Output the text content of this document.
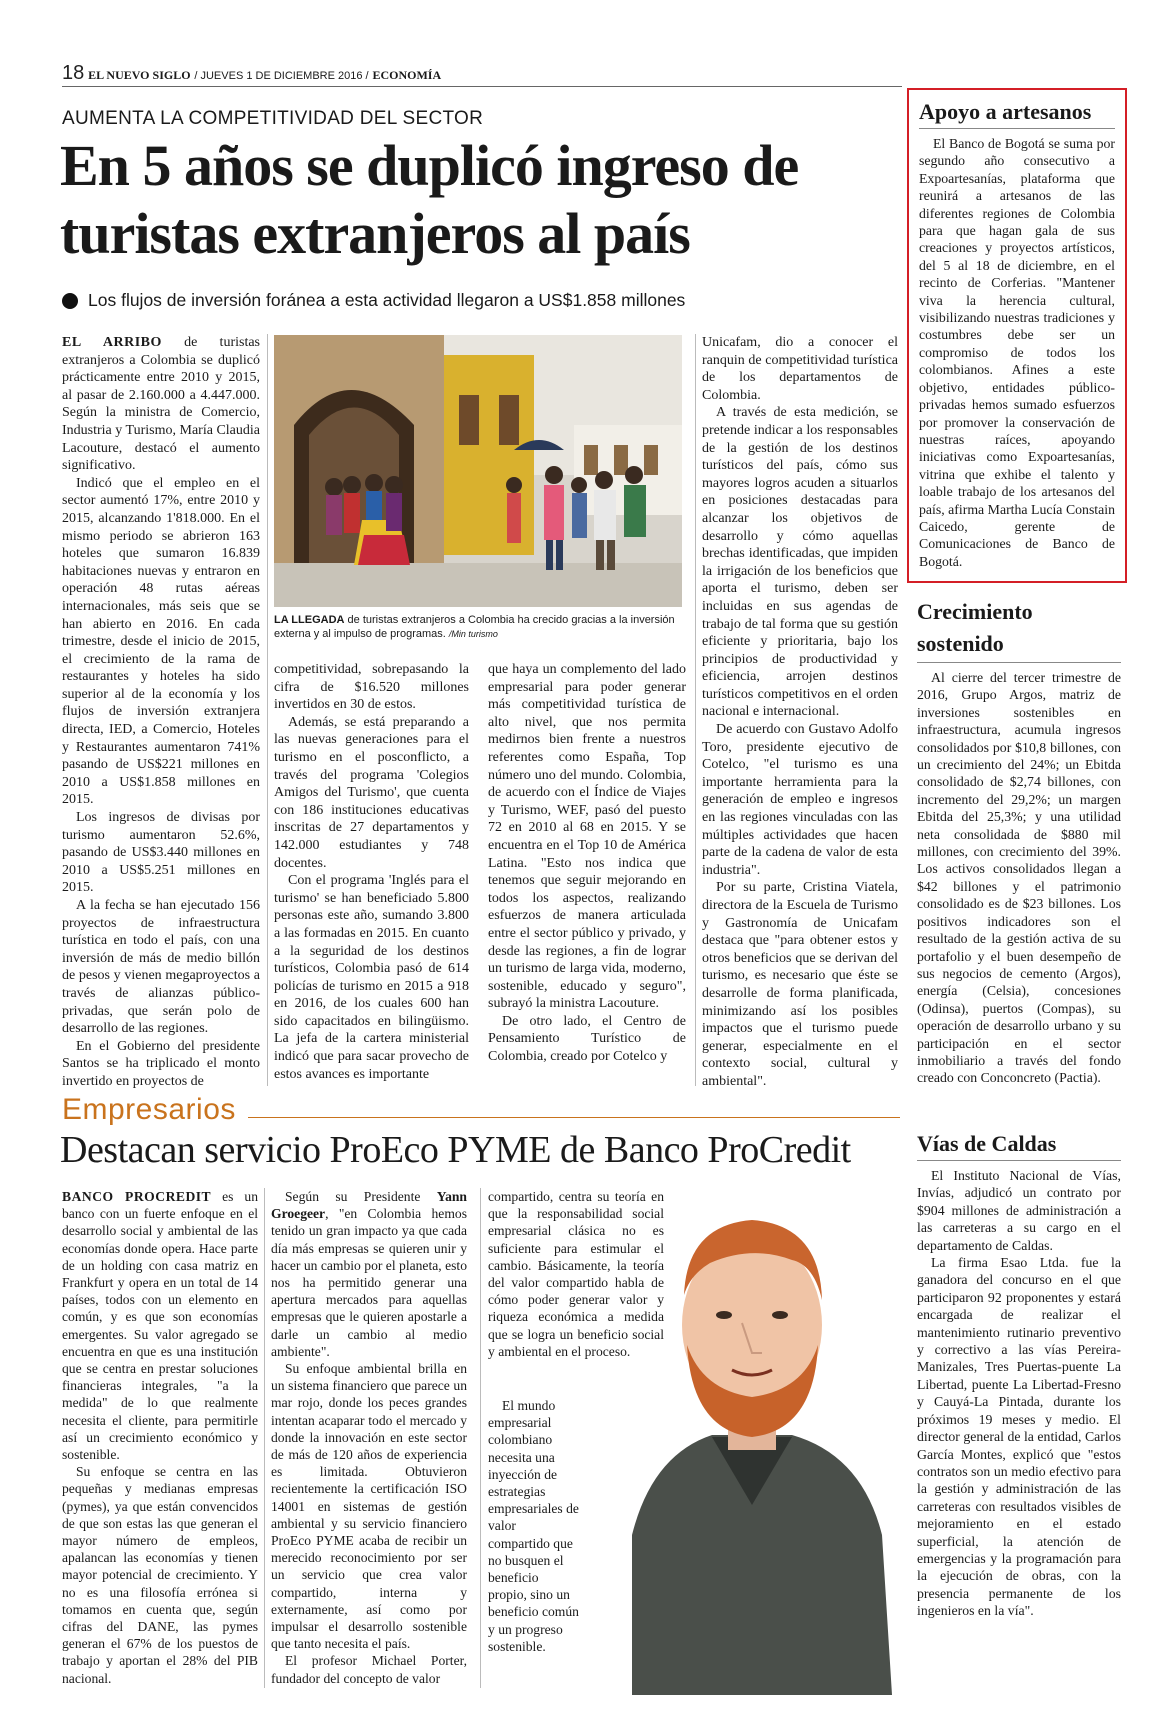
18 EL NUEVO SIGLO / JUEVES 1 DE DICIEMBRE 2016 / ECONOMÍA
AUMENTA LA COMPETITIVIDAD DEL SECTOR
En 5 años se duplicó ingreso de turistas extranjeros al país
Los flujos de inversión foránea a esta actividad llegaron a US$1.858 millones

EL ARRIBO de turistas extranjeros a Colombia se duplicó prácticamente entre 2010 y 2015, al pasar de 2.160.000 a 4.447.000. Según la ministra de Comercio, Industria y Turismo, María Claudia Lacouture, destacó el aumento significativo.

Indicó que el empleo en el sector aumentó 17%, entre 2010 y 2015, alcanzando 1'818.000. En el mismo periodo se abrieron 163 hoteles que sumaron 16.839 habitaciones nuevas y entraron en operación 48 rutas aéreas internacionales, más seis que se han abierto en 2016. En cada trimestre, desde el inicio de 2015, el crecimiento de la rama de restaurantes y hoteles ha sido superior al de la economía y los flujos de inversión extranjera directa, IED, a Comercio, Hoteles y Restaurantes aumentaron 741% pasando de US$221 millones en 2010 a US$1.858 millones en 2015.

Los ingresos de divisas por turismo aumentaron 52.6%, pasando de US$3.440 millones en 2010 a US$5.251 millones en 2015.

A la fecha se han ejecutado 156 proyectos de infraestructura turística en todo el país, con una inversión de más de medio billón de pesos y vienen megaproyectos a través de alianzas público-privadas, que serán polo de desarrollo de las regiones.

En el Gobierno del presidente Santos se ha triplicado el monto invertido en proyectos de

LA LLEGADA de turistas extranjeros a Colombia ha crecido gracias a la inversión externa y al impulso de programas. /Min turismo

competitividad, sobrepasando la cifra de $16.520 millones invertidos en 30 de estos.

Además, se está preparando a las nuevas generaciones para el turismo en el posconflicto, a través del programa 'Colegios Amigos del Turismo', que cuenta con 186 instituciones educativas inscritas de 27 departamentos y 142.000 estudiantes y 748 docentes.

Con el programa 'Inglés para el turismo' se han beneficiado 5.800 personas este año, sumando 3.800 a las formadas en 2015. En cuanto a la seguridad de los destinos turísticos, Colombia pasó de 614 policías de turismo en 2015 a 918 en 2016, de los cuales 600 han sido capacitados en bilingüismo. La jefa de la cartera ministerial indicó que para sacar provecho de estos avances es importante

que haya un complemento del lado empresarial para poder generar más competitividad turística de alto nivel, que nos permita medirnos bien frente a nuestros referentes como España, Top número uno del mundo. Colombia, de acuerdo con el Índice de Viajes y Turismo, WEF, pasó del puesto 72 en 2010 al 68 en 2015. Y se encuentra en el Top 10 de América Latina. "Esto nos indica que tenemos que seguir mejorando en todos los aspectos, realizando esfuerzos de manera articulada entre el sector público y privado, y desde las regiones, a fin de lograr un turismo de larga vida, moderno, sostenible, educado y seguro", subrayó la ministra Lacouture.

De otro lado, el Centro de Pensamiento Turístico de Colombia, creado por Cotelco y

Unicafam, dio a conocer el ranquin de competitividad turística de los departamentos de Colombia.

A través de esta medición, se pretende indicar a los responsables de la gestión de los destinos turísticos del país, cómo sus mayores logros acuden a situarlos en posiciones destacadas para alcanzar los objetivos de desarrollo y cómo aquellas brechas identificadas, que impiden la irrigación de los beneficios que aporta el turismo, deben ser incluidas en sus agendas de trabajo de tal forma que su gestión eficiente y prioritaria, bajo los principios de productividad y eficiencia, arrojen destinos turísticos competitivos en el orden nacional e internacional.

De acuerdo con Gustavo Adolfo Toro, presidente ejecutivo de Cotelco, "el turismo es una importante herramienta para la generación de empleo e ingresos en las regiones vinculadas con las múltiples actividades que hacen parte de la cadena de valor de esta industria".

Por su parte, Cristina Viatela, directora de la Escuela de Turismo y Gastronomía de Unicafam destaca que "para obtener estos y otros beneficios que se derivan del turismo, es necesario que éste se desarrolle de forma planificada, minimizando así los posibles impactos que el turismo puede generar, especialmente en el contexto social, cultural y ambiental".

Apoyo a artesanos

El Banco de Bogotá se suma por segundo año consecutivo a Expoartesanías, plataforma que reunirá a artesanos de las diferentes regiones de Colombia para que hagan gala de sus creaciones y proyectos artísticos, del 5 al 18 de diciembre, en el recinto de Corferias. "Mantener viva la herencia cultural, visibilizando nuestras tradiciones y costumbres debe ser un compromiso de todos los colombianos. Afines a este objetivo, entidades público-privadas hemos sumado esfuerzos por promover la conservación de nuestras raíces, apoyando iniciativas como Expoartesanías, vitrina que exhibe el talento y loable trabajo de los artesanos del país, afirma Martha Lucía Constain Caicedo, gerente de Comunicaciones de Banco de Bogotá.

Crecimiento sostenido

Al cierre del tercer trimestre de 2016, Grupo Argos, matriz de inversiones sostenibles en infraestructura, acumula ingresos consolidados por $10,8 billones, con un crecimiento del 24%; un Ebitda consolidado de $2,74 billones, con incremento del 29,2%; un margen Ebitda del 25,3%; y una utilidad neta consolidada de $880 mil millones, con crecimiento del 39%. Los activos consolidados llegan a $42 billones y el patrimonio consolidado es de $23 billones. Los positivos indicadores son el resultado de la gestión activa de su portafolio y el buen desempeño de sus negocios de cemento (Argos), energía (Celsia), concesiones (Odinsa), puertos (Compas), su operación de desarrollo urbano y su participación en el sector inmobiliario a través del fondo creado con Conconcreto (Pactia).

Vías de Caldas

El Instituto Nacional de Vías, Invías, adjudicó un contrato por $904 millones de administración a las carreteras a su cargo en el departamento de Caldas.

La firma Esao Ltda. fue la ganadora del concurso en el que participaron 92 proponentes y estará encargada de realizar el mantenimiento rutinario preventivo y correctivo a las vías Pereira-Manizales, Tres Puertas-puente La Libertad, puente La Libertad-Fresno y Cauyá-La Pintada, durante los próximos 19 meses y medio. El director general de la entidad, Carlos García Montes, explicó que "estos contratos son un medio efectivo para la gestión y administración de las carreteras con resultados visibles de mejoramiento en el estado superficial, la atención de emergencias y la programación para la ejecución de obras, con la presencia permanente de los ingenieros en la vía".

Empresarios
Destacan servicio ProEco PYME de Banco ProCredit

BANCO PROCREDIT es un banco con un fuerte enfoque en el desarrollo social y ambiental de las economías donde opera. Hace parte de un holding con casa matriz en Frankfurt y opera en un total de 14 países, todos con un elemento en común, y es que son economías emergentes. Su valor agregado se encuentra en que es una institución que se centra en prestar soluciones financieras integrales, "a la medida" de lo que realmente necesita el cliente, para permitirle así un crecimiento económico y sostenible.

Su enfoque se centra en las pequeñas y medianas empresas (pymes), ya que están convencidos de que son estas las que generan el mayor número de empleos, apalancan las economías y tienen mayor potencial de crecimiento. Y no es una filosofía errónea si tomamos en cuenta que, según cifras del DANE, las pymes generan el 67% de los puestos de trabajo y aportan el 28% del PIB nacional.

Según su Presidente Yann Groegeer, "en Colombia hemos tenido un gran impacto ya que cada día más empresas se quieren unir y hacer un cambio por el planeta, esto nos ha permitido generar una apertura mercados para aquellas empresas que le quieren apostarle a darle un cambio al medio ambiente".

Su enfoque ambiental brilla en un sistema financiero que parece un mar rojo, donde los peces grandes intentan acaparar todo el mercado y donde la innovación en este sector de más de 120 años de experiencia es limitada. Obtuvieron recientemente la certificación ISO 14001 en sistemas de gestión ambiental y su servicio financiero ProEco PYME acaba de recibir un merecido reconocimiento por ser un servicio que crea valor compartido, interna y externamente, así como por impulsar el desarrollo sostenible que tanto necesita el país.

El profesor Michael Porter, fundador del concepto de valor

compartido, centra su teoría en que la responsabilidad social empresarial clásica no es suficiente para estimular el cambio. Básicamente, la teoría del valor compartido habla de cómo poder generar valor y riqueza económica a medida que se logra un beneficio social y ambiental en el proceso.

El mundo empresarial colombiano necesita una inyección de estrategias empresariales de valor compartido que no busquen el beneficio propio, sino un beneficio común y un progreso sostenible.
